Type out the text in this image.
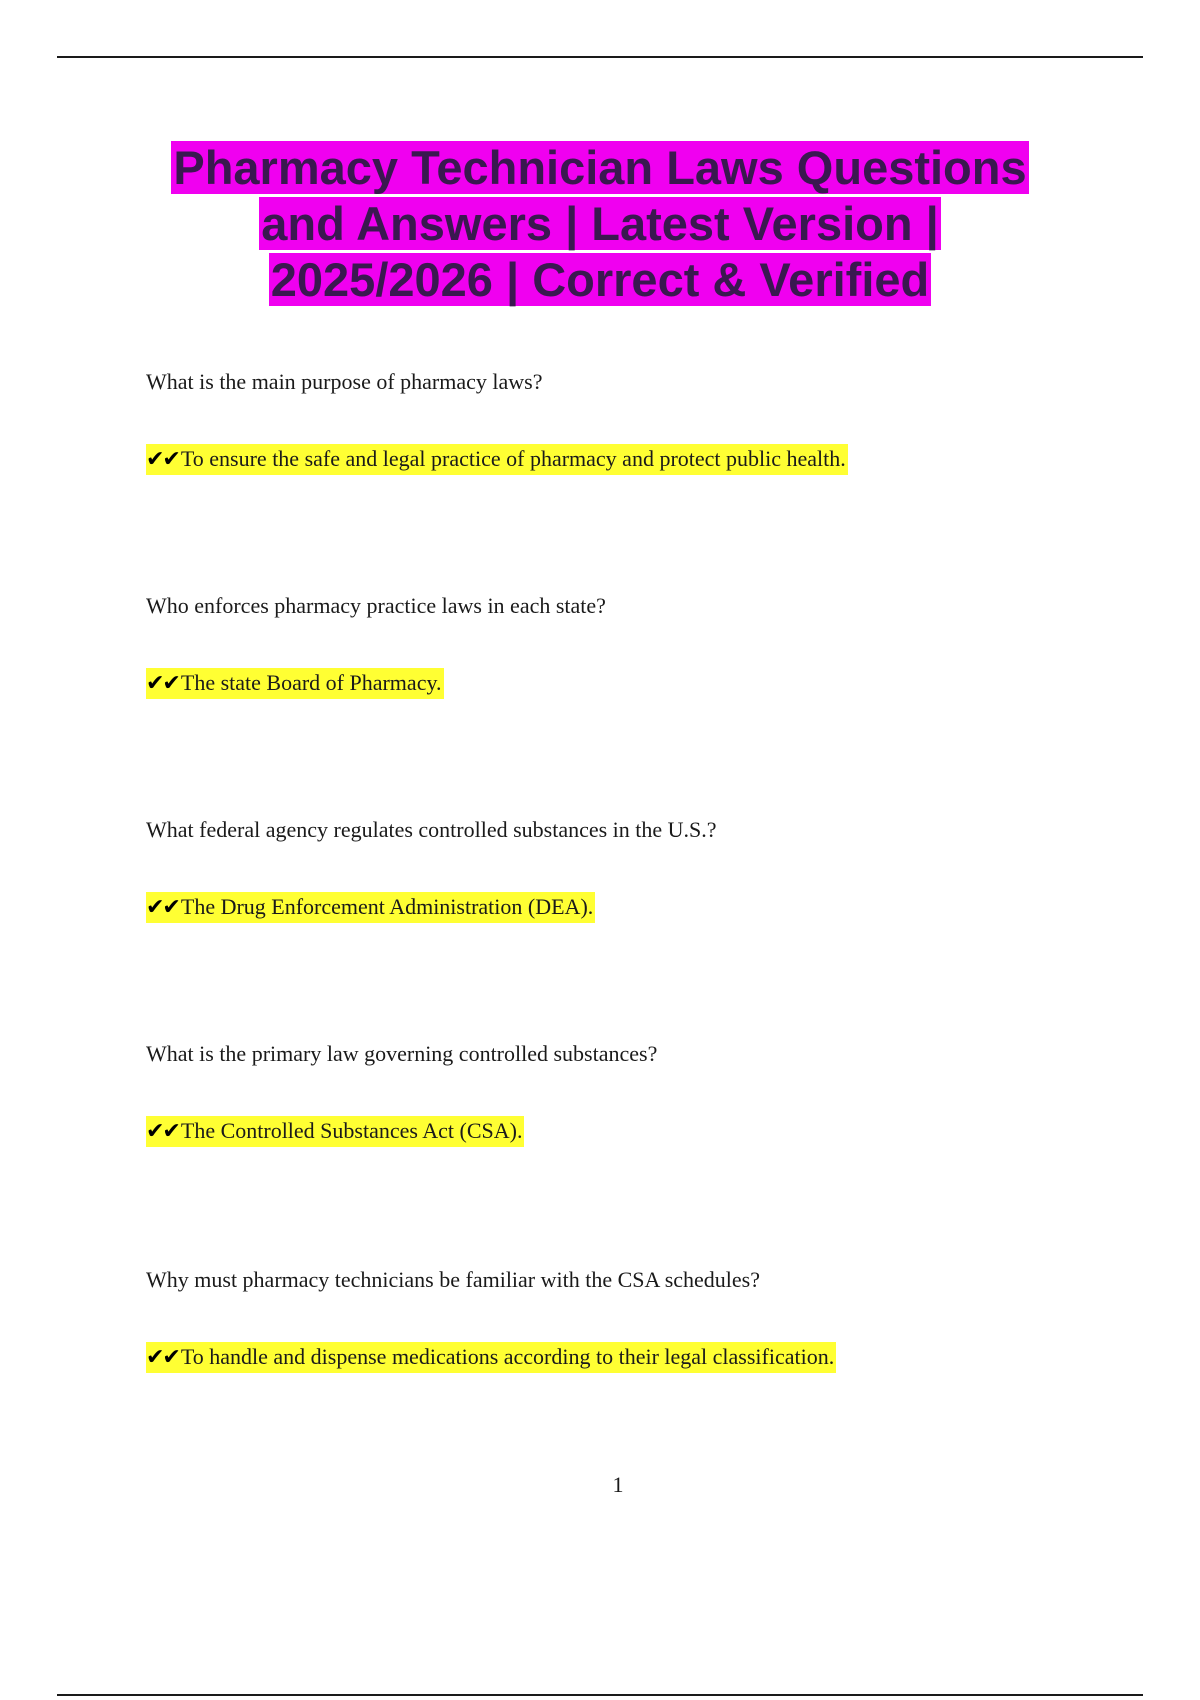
Pharmacy Technician Laws Questions
and Answers | Latest Version |
2025/2026 | Correct & Verified
What is the main purpose of pharmacy laws?
✔✔To ensure the safe and legal practice of pharmacy and protect public health.
Who enforces pharmacy practice laws in each state?
✔✔The state Board of Pharmacy.
What federal agency regulates controlled substances in the U.S.?
✔✔The Drug Enforcement Administration (DEA).
What is the primary law governing controlled substances?
✔✔The Controlled Substances Act (CSA).
Why must pharmacy technicians be familiar with the CSA schedules?
✔✔To handle and dispense medications according to their legal classification.
1
